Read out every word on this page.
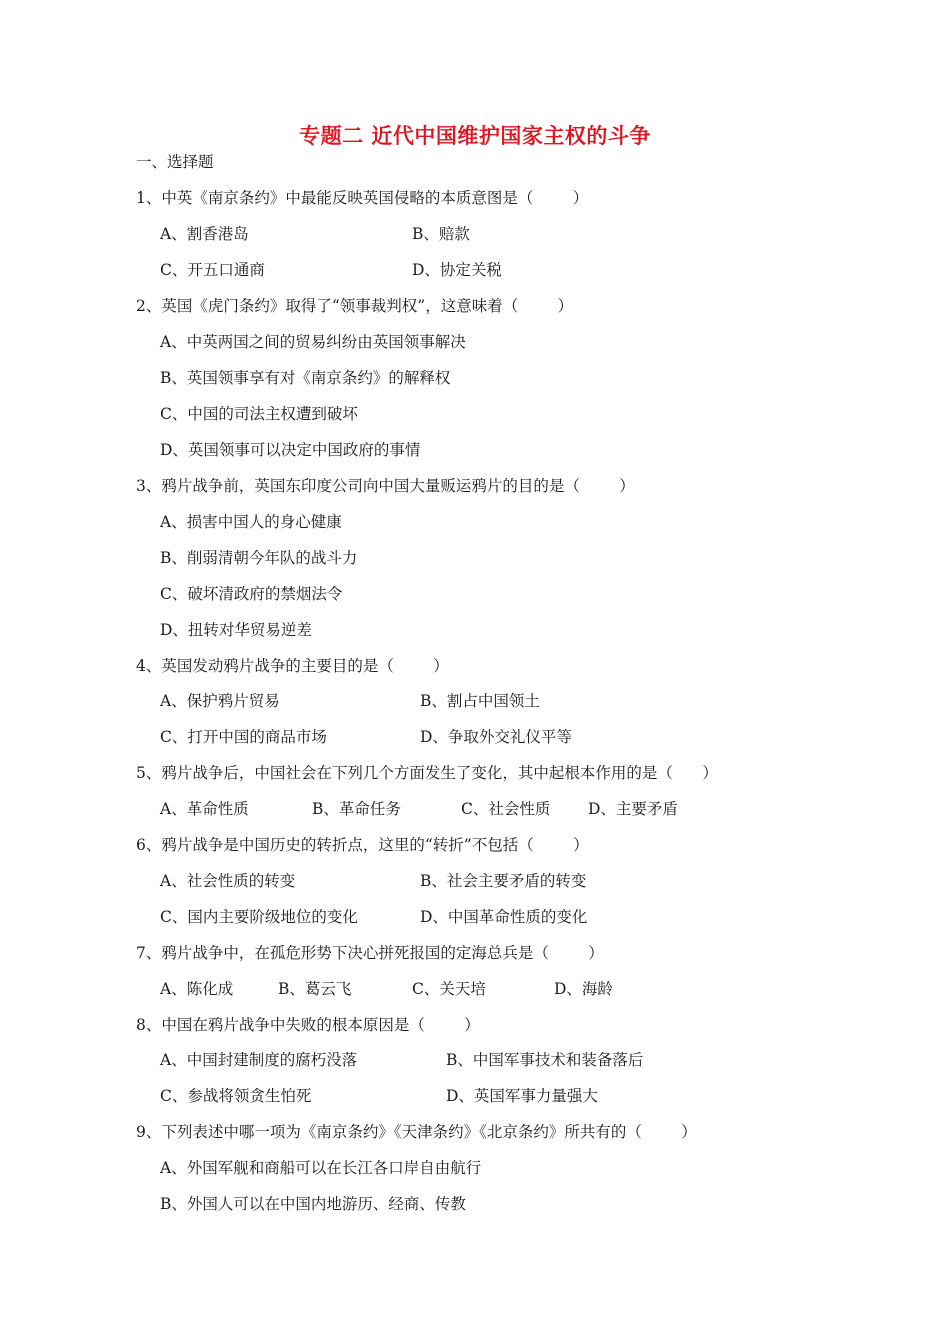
专题二 近代中国维护国家主权的斗争
一、选择题
1、中英《南京条约》中最能反映英国侵略的本质意图是（        ）
A、割香港岛	B、赔款
C、开五口通商	D、协定关税
2、英国《虎门条约》取得了“领事裁判权”，这意味着（        ）
A、中英两国之间的贸易纠纷由英国领事解决
B、英国领事享有对《南京条约》的解释权
C、中国的司法主权遭到破坏
D、英国领事可以决定中国政府的事情
3、鸦片战争前，英国东印度公司向中国大量贩运鸦片的目的是（        ）
A、损害中国人的身心健康
B、削弱清朝今年队的战斗力
C、破坏清政府的禁烟法令
D、扭转对华贸易逆差
4、英国发动鸦片战争的主要目的是（        ）
A、保护鸦片贸易	B、割占中国领土
C、打开中国的商品市场	D、争取外交礼仪平等
5、鸦片战争后，中国社会在下列几个方面发生了变化，其中起根本作用的是（      ）
A、革命性质	B、革命任务	C、社会性质 D、主要矛盾
6、鸦片战争是中国历史的转折点，这里的“转折”不包括（        ）
A、社会性质的转变	B、社会主要矛盾的转变
C、国内主要阶级地位的变化	D、中国革命性质的变化
7、鸦片战争中，在孤危形势下决心拼死报国的定海总兵是（        ）
A、陈化成	B、葛云飞	C、关天培	D、海龄
8、中国在鸦片战争中失败的根本原因是（        ）
A、中国封建制度的腐朽没落	B、中国军事技术和装备落后
C、参战将领贪生怕死	D、英国军事力量强大
9、下列表述中哪一项为《南京条约》《天津条约》《北京条约》所共有的（        ）
A、外国军舰和商船可以在长江各口岸自由航行
B、外国人可以在中国内地游历、经商、传教
